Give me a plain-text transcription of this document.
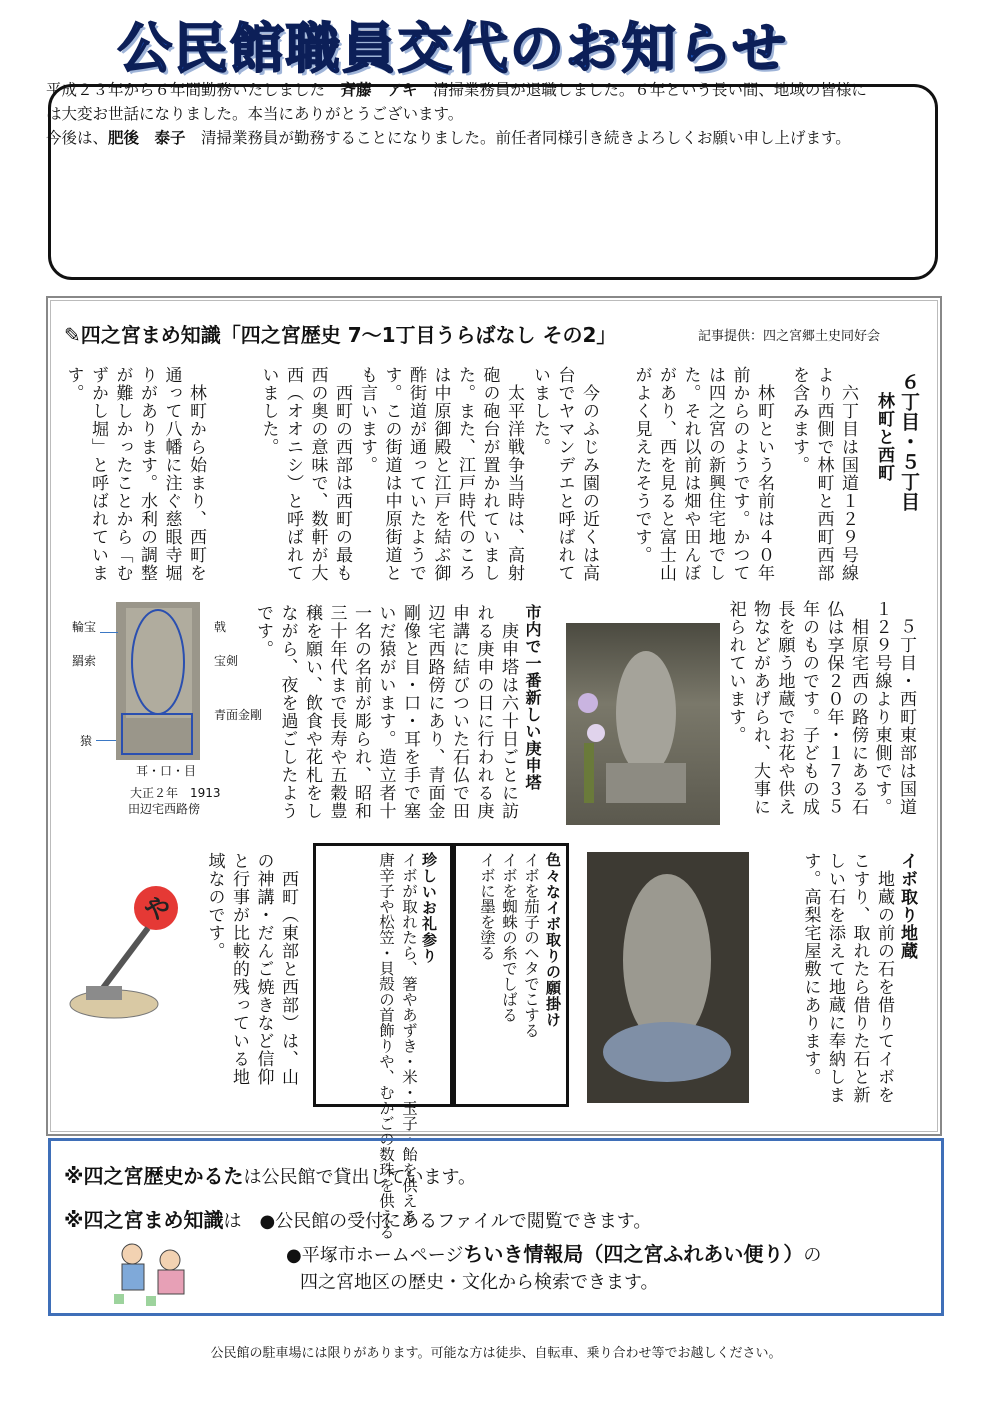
公民館職員交代のお知らせ

平成２３年から６年間勤務いたしました　斉藤　アキ　清掃業務員が退職しました。６年という長い間、地域の皆様には大変お世話になりました。本当にありがとうございます。

今後は、肥後　泰子　清掃業務員が勤務することになりました。前任者同様引き続きよろしくお願い申し上げます。

✎四之宮まめ知識「四之宮歴史 7～1丁目うらばなし その2」	記事提供：四之宮郷土史同好会
６丁目・５丁目
林町と西町
　六丁目は国道１２９号線より西側で林町と西町西部を含みます。
　林町という名前は４０年前からのようです。かつては四之宮の新興住宅地でした。それ以前は畑や田んぼがあり、西を見ると富士山がよく見えたそうです。
　今のふじみ園の近くは高台でヤマンデエと呼ばれていました。
　太平洋戦争当時は、高射砲の砲台が置かれていました。また、江戸時代のころは中原御殿と江戸を結ぶ御酢街道が通っていたようです。この街道は中原街道とも言います。
　西町の西部は西町の最も西の奥の意味で、数軒が大西（オオニシ）と呼ばれていました。
　林町から始まり、西町を通って八幡に注ぐ慈眼寺堀りがあります。水利の調整が難しかったことから「むずかし堀」と呼ばれています。
　５丁目・西町東部は国道１２９号線より東側です。
　相原宅西の路傍にある石仏は享保２０年・１７３５年のものです。子どもの成長を願う地蔵でお花や供え物などがあげられ、大事に祀られています。
市内で一番新しい庚申塔
　庚申塔は六十日ごとに訪れる庚申の日に行われる庚申講に結びついた石仏で田辺宅西路傍にあり、青面金剛像と目・口・耳を手で塞いだ猿がいます。造立者十一名の名前が彫られ、昭和三十年代まで長寿や五穀豊穣を願い、飲食や花札をしながら、夜を過ごしたようです。
輪宝
羂索
猿
戟
宝剣
青面金剛
耳・口・目
大正２年　1913
田辺宅西路傍
イボ取り地蔵
　地蔵の前の石を借りてイボをこすり、取れたら借りた石と新しい石を添えて地蔵に奉納します。高梨宅屋敷にあります。
色々なイボ取りの願掛け
イボを茄子のヘタでこする
イボを蜘蛛の糸でしばる
イボに墨を塗る
珍しいお礼参り
イボが取れたら、箸やあずき・米・玉子・飴を供える
唐辛子や松笠・貝殻の首飾りや、むかごの数珠を供える
　西町（東部と西部）は、山の神講・だんご焼きなど信仰と行事が比較的残っている地域なのです。
や
※四之宮歴史かるたは公民館で貸出しています。
※四之宮まめ知識は　●公民館の受付にあるファイルで閲覧できます。
●平塚市ホームページちいき情報局（四之宮ふれあい便り）の
四之宮地区の歴史・文化から検索できます。
公民館の駐車場には限りがあります。可能な方は徒歩、自転車、乗り合わせ等でお越しください。
